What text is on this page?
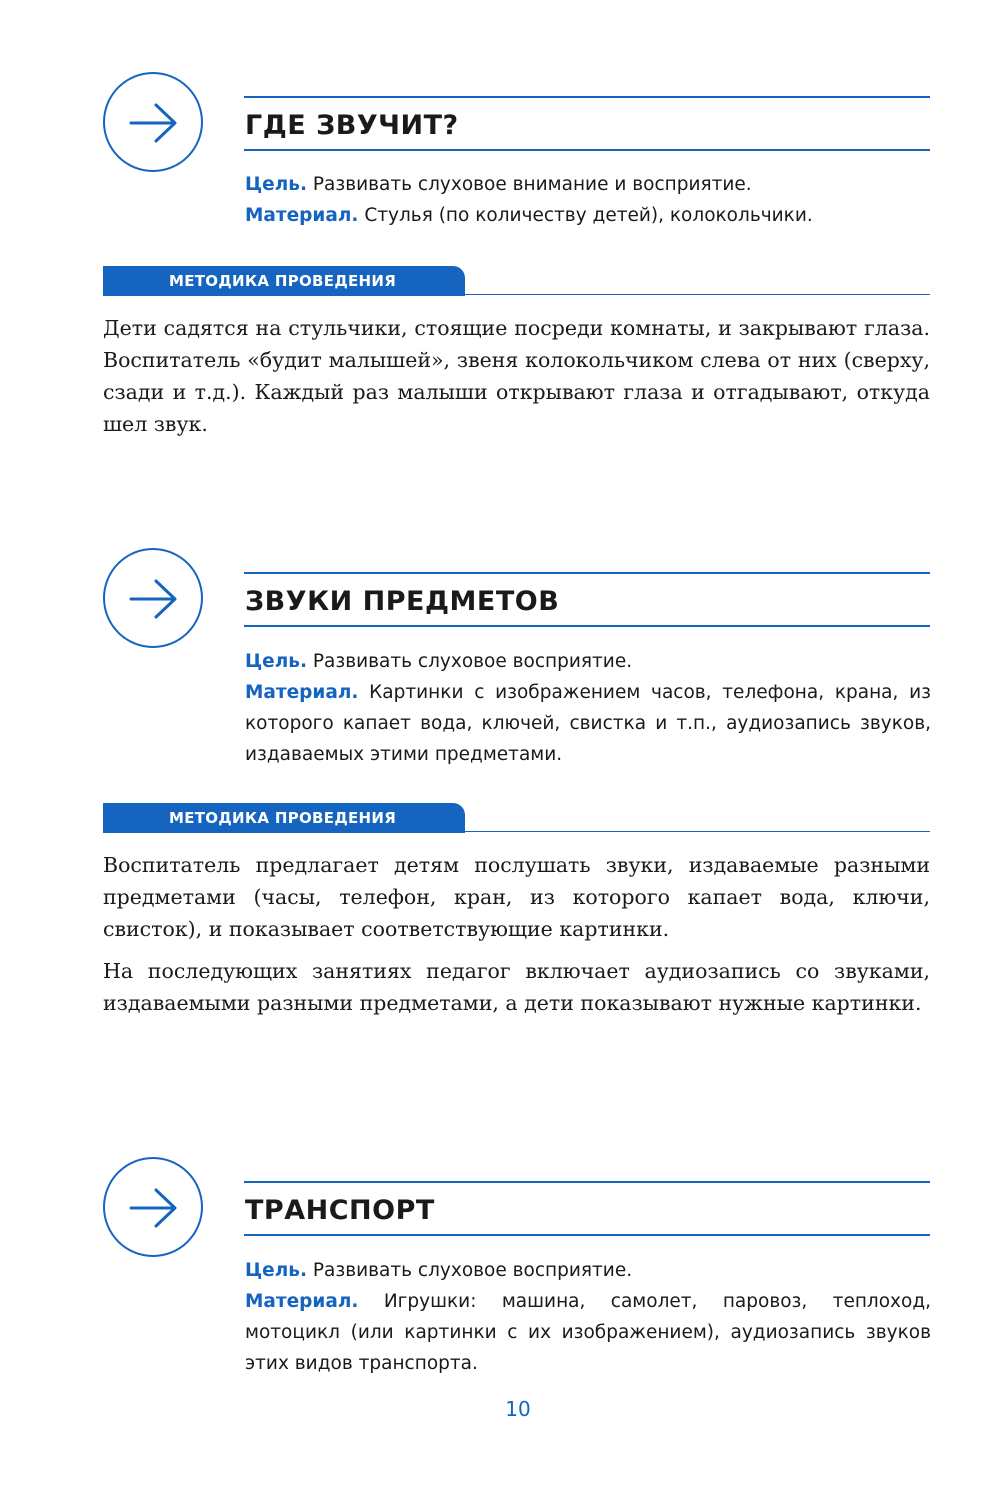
ГДЕ ЗВУЧИТ?

Цель. Развивать слуховое внимание и восприятие.

Материал. Стулья (по количеству детей), колокольчики.

МЕТОДИКА ПРОВЕДЕНИЯ

Дети садятся на стульчики, стоящие посреди комнаты, и закрывают глаза. Воспитатель «будит малышей», звеня колокольчиком слева от них (сверху, сзади и т.д.). Каждый раз малыши открывают глаза и отгадывают, откуда шел звук.

ЗВУКИ ПРЕДМЕТОВ

Цель. Развивать слуховое восприятие.

Материал. Картинки с изображением часов, телефона, крана, из которого капает вода, ключей, свистка и т.п., аудиозапись звуков, издаваемых этими предметами.

МЕТОДИКА ПРОВЕДЕНИЯ

Воспитатель предлагает детям послушать звуки, издаваемые разными предметами (часы, телефон, кран, из которого капает вода, ключи, свисток), и показывает соответствующие картинки.

На последующих занятиях педагог включает аудиозапись со звуками, издаваемыми разными предметами, а дети показывают нужные картинки.

ТРАНСПОРТ

Цель. Развивать слуховое восприятие.

Материал. Игрушки: машина, самолет, паровоз, теплоход, мотоцикл (или картинки с их изображением), аудиозапись звуков этих видов транспорта.

10
